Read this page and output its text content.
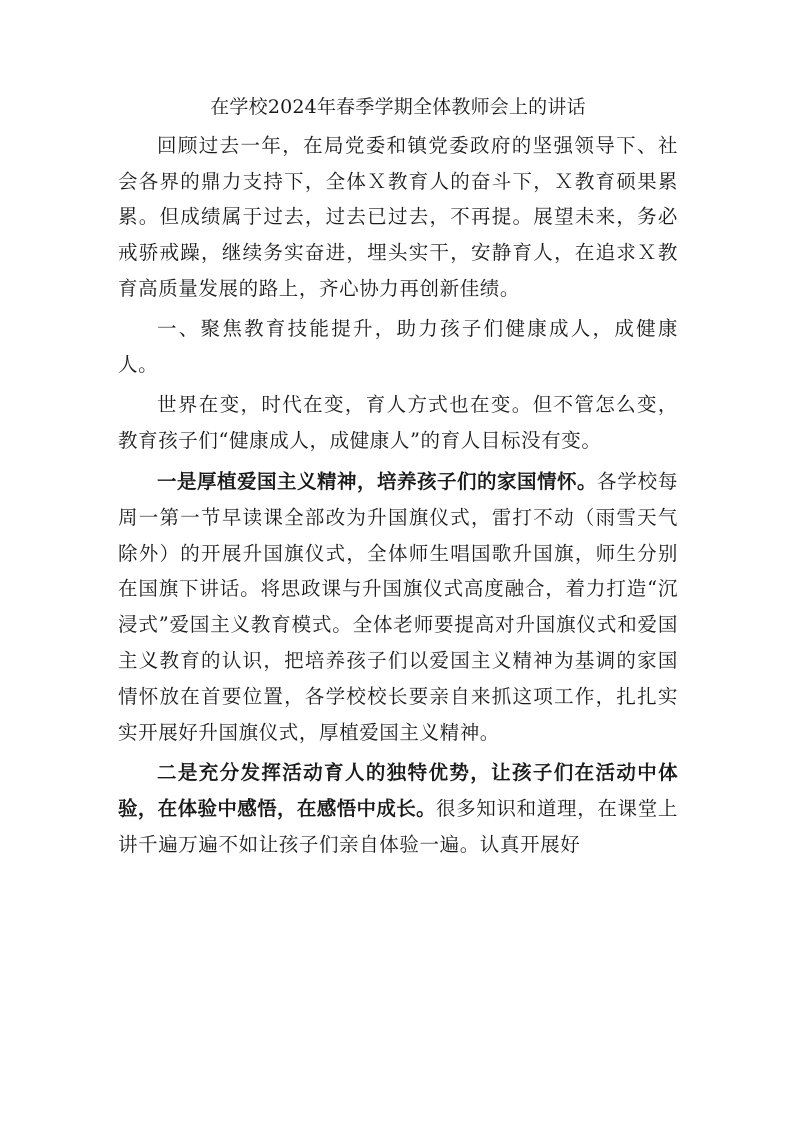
在学校2024年春季学期全体教师会上的讲话

回顾过去一年，在局党委和镇党委政府的坚强领导下、社会各界的鼎力支持下，全体Ｘ教育人的奋斗下，Ｘ教育硕果累累。但成绩属于过去，过去已过去，不再提。展望未来，务必戒骄戒躁，继续务实奋进，埋头实干，安静育人，在追求Ｘ教育高质量发展的路上，齐心协力再创新佳绩。

一、聚焦教育技能提升，助力孩子们健康成人，成健康人。

世界在变，时代在变，育人方式也在变。但不管怎么变，教育孩子们“健康成人，成健康人”的育人目标没有变。

一是厚植爱国主义精神，培养孩子们的家国情怀。各学校每周一第一节早读课全部改为升国旗仪式，雷打不动（雨雪天气除外）的开展升国旗仪式，全体师生唱国歌升国旗，师生分别在国旗下讲话。将思政课与升国旗仪式高度融合，着力打造“沉浸式”爱国主义教育模式。全体老师要提高对升国旗仪式和爱国主义教育的认识，把培养孩子们以爱国主义精神为基调的家国情怀放在首要位置，各学校校长要亲自来抓这项工作，扎扎实实开展好升国旗仪式，厚植爱国主义精神。

二是充分发挥活动育人的独特优势，让孩子们在活动中体验，在体验中感悟，在感悟中成长。很多知识和道理，在课堂上讲千遍万遍不如让孩子们亲自体验一遍。认真开展好
